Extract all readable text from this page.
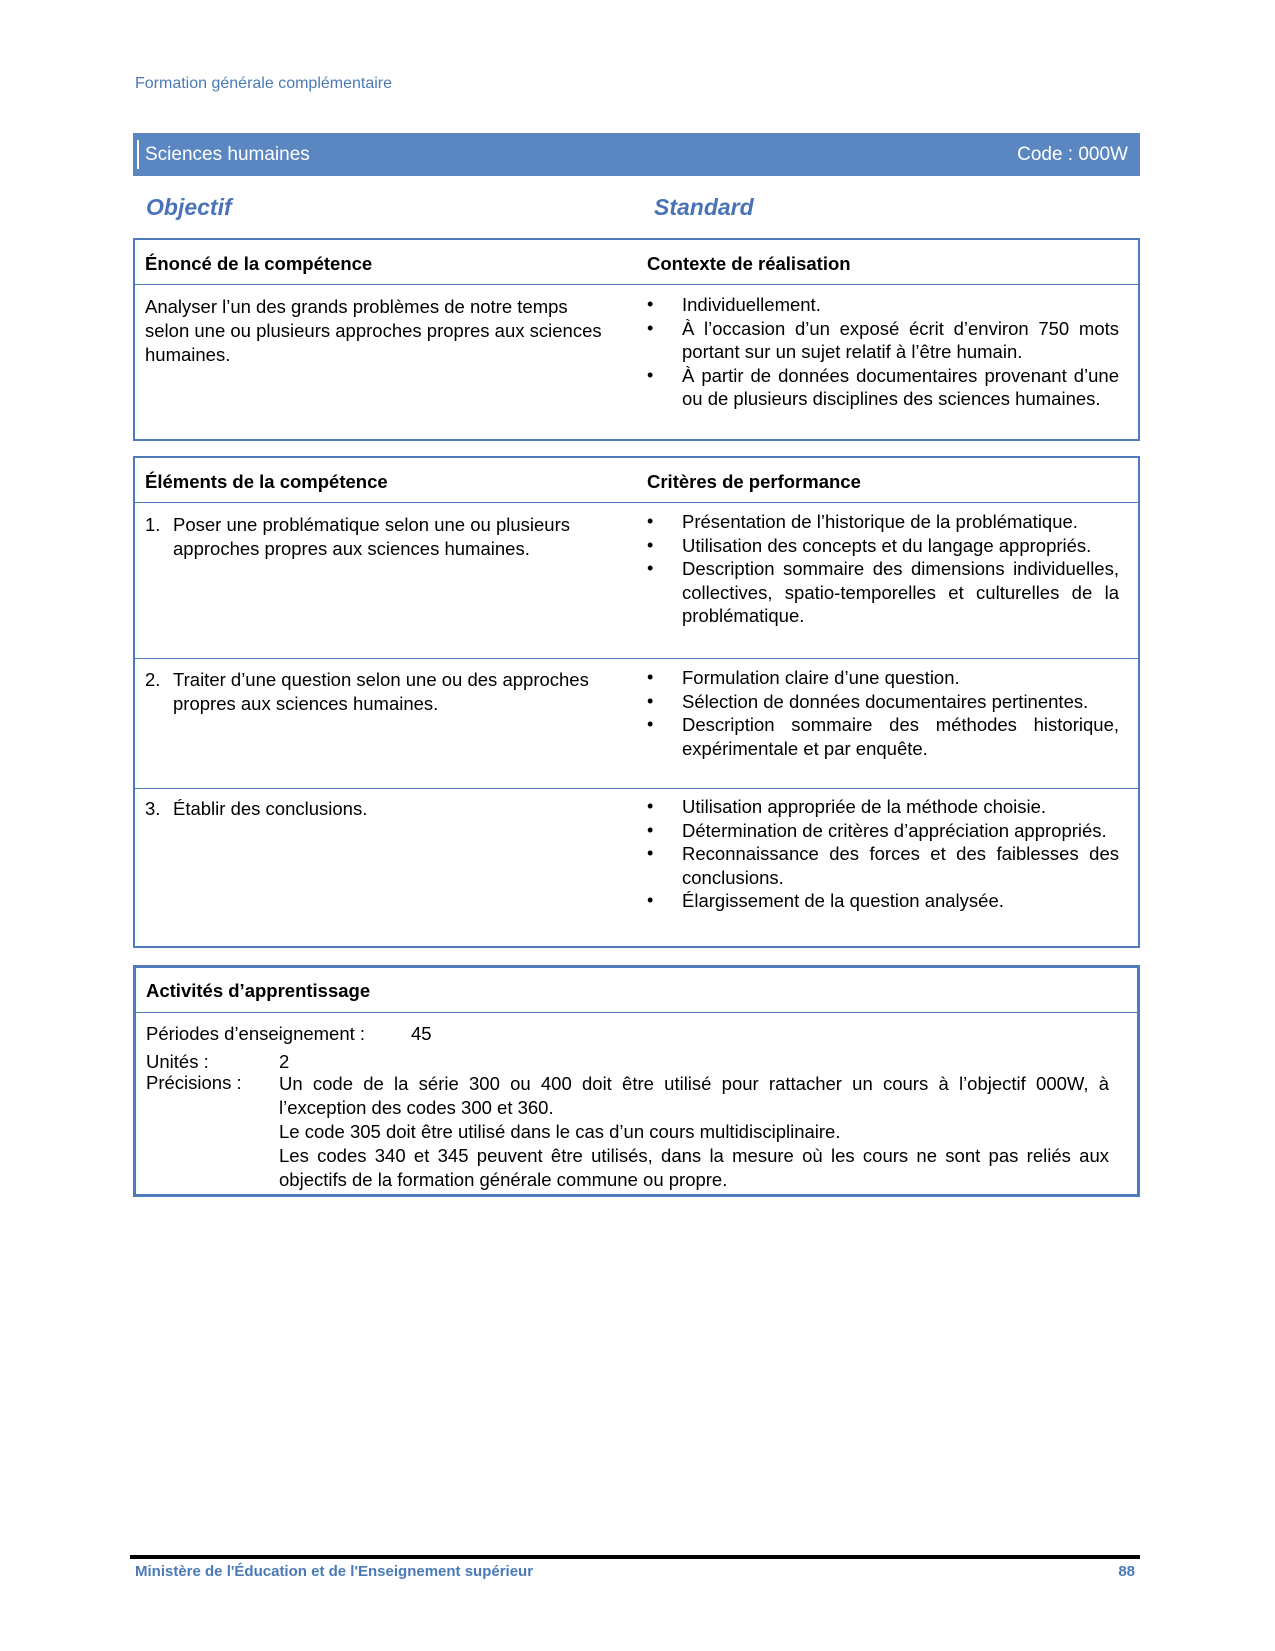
Formation générale complémentaire
Sciences humaines	Code : 000W
Objectif	Standard
Énoncé de la compétence	Contexte de réalisation
Analyser l’un des grands problèmes de notre temps selon une ou plusieurs approches propres aux sciences humaines.
• Individuellement.
• À l’occasion d’un exposé écrit d’environ 750 mots portant sur un sujet relatif à l’être humain.
• À partir de données documentaires provenant d’une ou de plusieurs disciplines des sciences humaines.
Éléments de la compétence	Critères de performance
1. Poser une problématique selon une ou plusieurs approches propres aux sciences humaines.
• Présentation de l’historique de la problématique.
• Utilisation des concepts et du langage appropriés.
• Description sommaire des dimensions individuelles, collectives, spatio-temporelles et culturelles de la problématique.
2. Traiter d’une question selon une ou des approches propres aux sciences humaines.
• Formulation claire d’une question.
• Sélection de données documentaires pertinentes.
• Description sommaire des méthodes historique, expérimentale et par enquête.
3. Établir des conclusions.
•	Utilisation appropriée de la méthode choisie.
• Détermination de critères d’appréciation appropriés.
• Reconnaissance des forces et des faiblesses des conclusions.
• Élargissement de la question analysée.
Activités d’apprentissage
Périodes d’enseignement : 45
Unités :	2
Précisions : Un code de la série 300 ou 400 doit être utilisé pour rattacher un cours à l’objectif 000W, à l’exception des codes 300 et 360.

Le code 305 doit être utilisé dans le cas d’un cours multidisciplinaire.

Les codes 340 et 345 peuvent être utilisés, dans la mesure où les cours ne sont pas reliés aux objectifs de la formation générale commune ou propre.

Ministère de l'Éducation et de l'Enseignement supérieur	88
